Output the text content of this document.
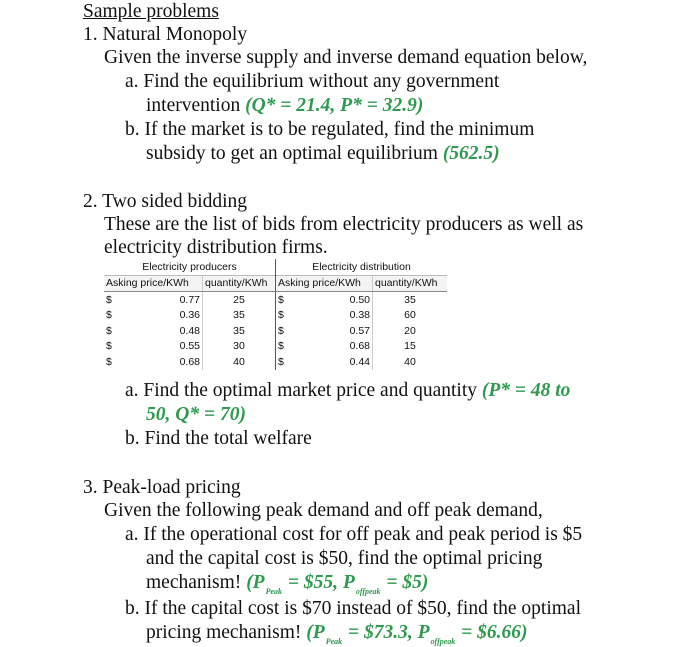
Sample problems
1. Natural Monopoly
Given the inverse supply and inverse demand equation below,
a. Find the equilibrium without any government
intervention (Q* = 21.4, P* = 32.9)
b. If the market is to be regulated, find the minimum
subsidy to get an optimal equilibrium (562.5)
2. Two sided bidding
These are the list of bids from electricity producers as well as
electricity distribution firms.
Electricity producers			Electricity distribution		
Asking price/KWh		quantity/KWh	Asking price/KWh		quantity/KWh
$	0.77	25	$	0.50	35
$	0.36	35	$	0.38	60
$	0.48	35	$	0.57	20
$	0.55	30	$	0.68	15
$	0.68	40	$	0.44	40
a. Find the optimal market price and quantity (P* = 48 to
50, Q* = 70)
b. Find the total welfare
3. Peak-load pricing
Given the following peak demand and off peak demand,
a. If the operational cost for off peak and peak period is $5
and the capital cost is $50, find the optimal pricing
mechanism! ($P_{Peak}$ = $55, $P_{offpeak}$ = $5)
b. If the capital cost is $70 instead of $50, find the optimal
pricing mechanism! ($P_{Peak}$ = $73.3, $P_{offpeak}$ = $6.66)
